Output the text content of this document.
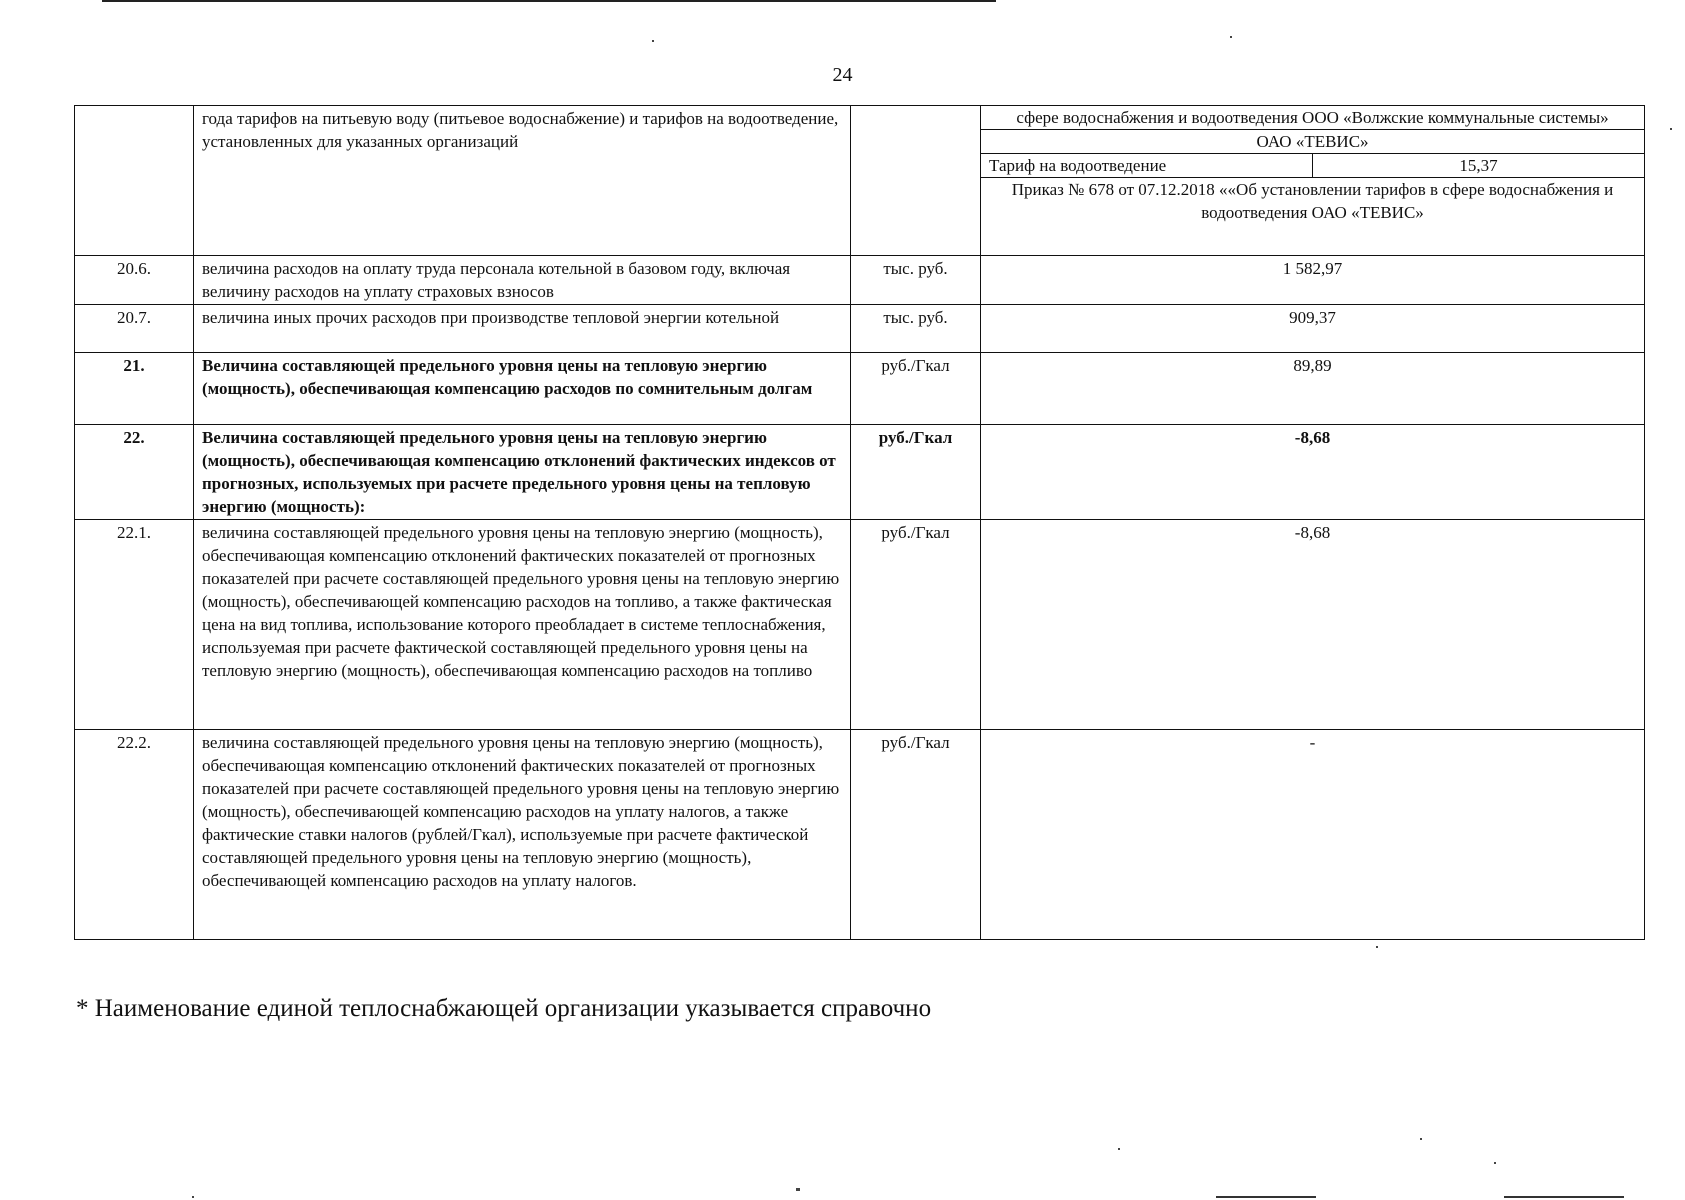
24
	года тарифов на питьевую воду (питьевое водоснабжение) и тарифов на водоотведение, установленных для указанных организаций		
сфере водоснабжения и водоотведения ООО «Волжские коммунальные системы»
ОАО «ТЕВИС»
Тариф на водоотведение	15,37
Приказ № 678 от 07.12.2018 ««Об установлении тарифов в сфере водоснабжения и водоотведения ОАО «ТЕВИС»

20.6.	величина расходов на оплату труда персонала котельной в базовом году, включая величину расходов на уплату страховых взносов	тыс. руб.	1 582,97
20.7.	величина иных прочих расходов при производстве тепловой энергии котельной	тыс. руб.	909,37
21.	Величина составляющей предельного уровня цены на тепловую энергию (мощность), обеспечивающая компенсацию расходов по сомнительным долгам	руб./Гкал	89,89
22.	Величина составляющей предельного уровня цены на тепловую энергию (мощность), обеспечивающая компенсацию отклонений фактических индексов от прогнозных, используемых при расчете предельного уровня цены на тепловую энергию (мощность):	руб./Гкал	-8,68
22.1.	величина составляющей предельного уровня цены на тепловую энергию (мощность), обеспечивающая компенсацию отклонений фактических показателей от прогнозных показателей при расчете составляющей предельного уровня цены на тепловую энергию (мощность), обеспечивающей компенсацию расходов на топливо, а также фактическая цена на вид топлива, использование которого преобладает в системе теплоснабжения, используемая при расчете фактической составляющей предельного уровня цены на тепловую энергию (мощность), обеспечивающая компенсацию расходов на топливо	руб./Гкал	-8,68
22.2.	величина составляющей предельного уровня цены на тепловую энергию (мощность), обеспечивающая компенсацию отклонений фактических показателей от прогнозных показателей при расчете составляющей предельного уровня цены на тепловую энергию (мощность), обеспечивающей компенсацию расходов на уплату налогов, а также фактические ставки налогов (рублей/Гкал), используемые при расчете фактической составляющей предельного уровня цены на тепловую энергию (мощность), обеспечивающей компенсацию расходов на уплату налогов.	руб./Гкал	-
* Наименование единой теплоснабжающей организации указывается справочно
